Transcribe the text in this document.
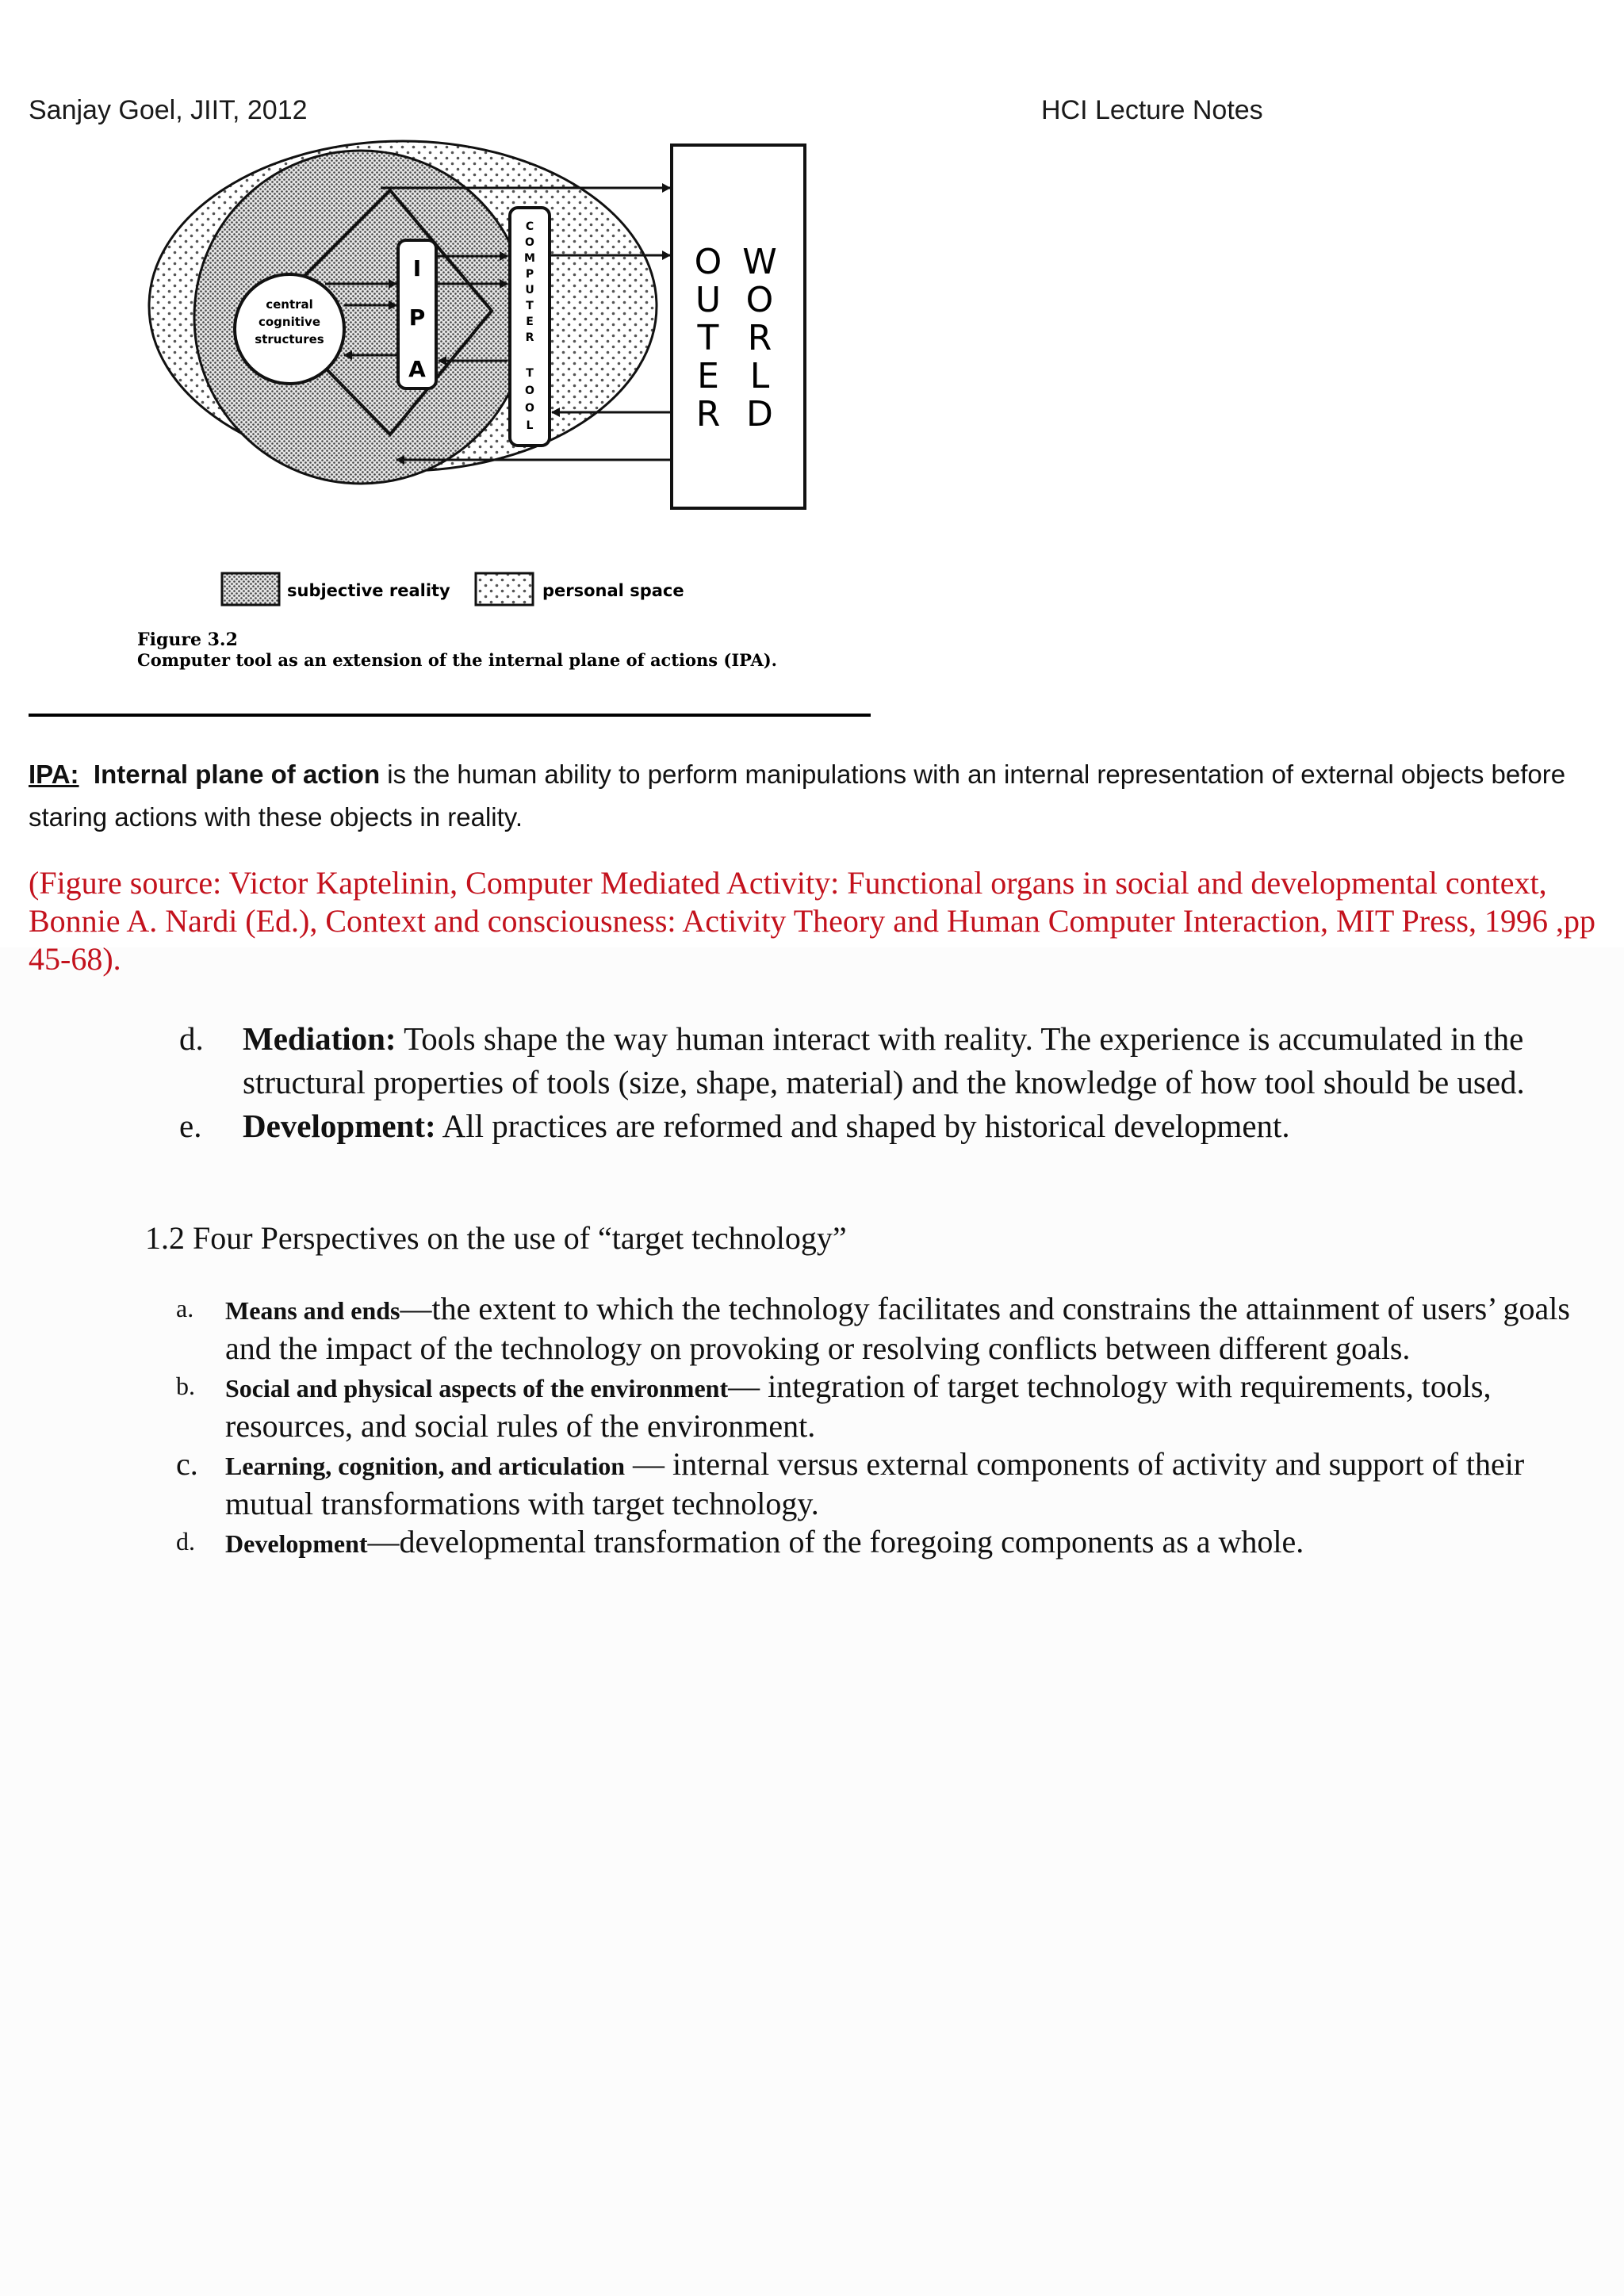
Sanjay Goel, JIIT, 2012	HCI Lecture Notes
central
cognitive
structures
I
P
A
C
O
M
P
U
T
E
R
T
O
O
L
O
U
T
E
R
W
O
R
L
D
subjective reality	personal space
Figure 3.2
Computer tool as an extension of the internal plane of actions (IPA).
IPA: Internal plane of action is the human ability to perform manipulations with an internal representation of external objects before staring actions with these objects in reality.
(Figure source: Victor Kaptelinin, Computer Mediated Activity: Functional organs in social and developmental context, Bonnie A. Nardi (Ed.), Context and consciousness: Activity Theory and Human Computer Interaction, MIT Press, 1996 ,pp 45-68).

d. Mediation: Tools shape the way human interact with reality. The experience is accumulated in the structural properties of tools (size, shape, material) and the knowledge of how tool should be used.

e. Development: All practices are reformed and shaped by historical development.

1.2 Four Perspectives on the use of “target technology”

a. Means and ends—the extent to which the technology facilitates and constrains the attainment of users’ goals and the impact of the technology on provoking or resolving conflicts between different goals.

b. Social and physical aspects of the environment— integration of target technology with requirements, tools, resources, and social rules of the environment.

c. Learning, cognition, and articulation — internal versus external components of activity and support of their mutual transformations with target technology.

d. Development—developmental transformation of the foregoing components as a whole.
